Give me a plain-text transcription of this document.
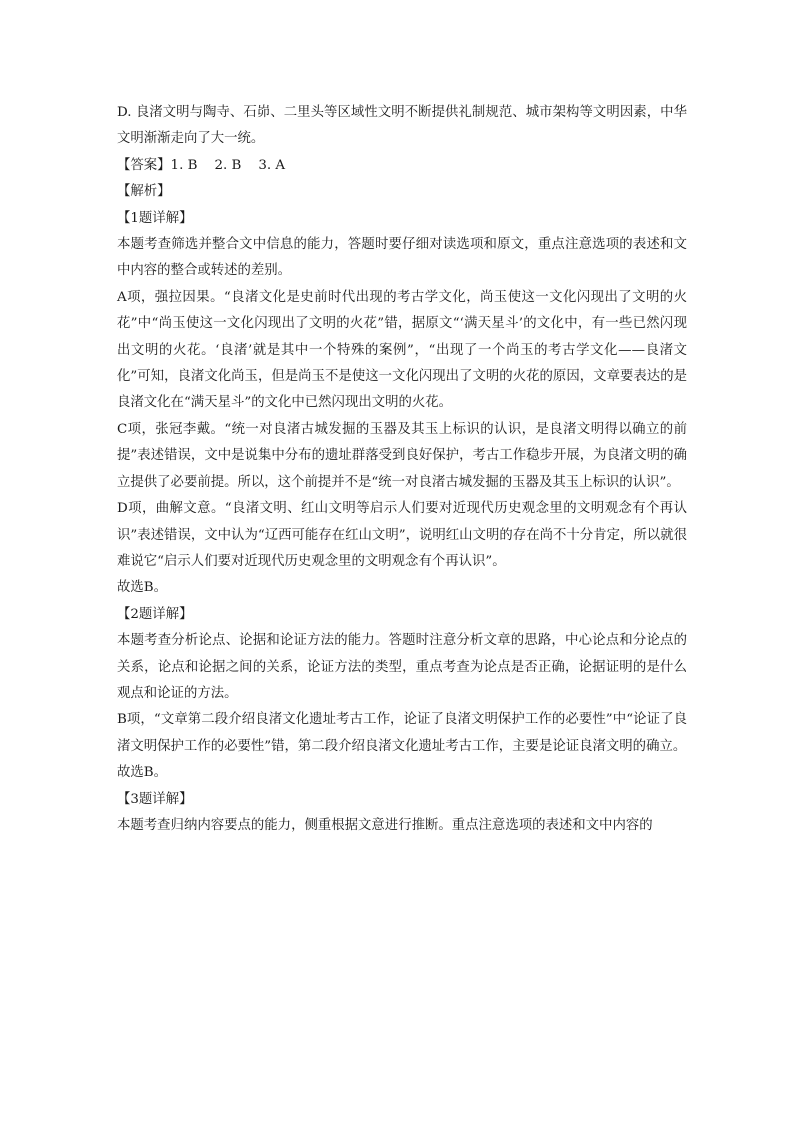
D. 良渚文明与陶寺、石峁、二里头等区域性文明不断提供礼制规范、城市架构等文明因素，中华文明渐渐走向了大一统。

【答案】1. B    2. B    3. A

【解析】

【1题详解】

本题考查筛选并整合文中信息的能力，答题时要仔细对读选项和原文，重点注意选项的表述和文中内容的整合或转述的差别。

A项，强拉因果。“良渚文化是史前时代出现的考古学文化，尚玉使这一文化闪现出了文明的火花”中“尚玉使这一文化闪现出了文明的火花”错，据原文“‘满天星斗’的文化中，有一些已然闪现出文明的火花。‘良渚’就是其中一个特殊的案例”，“出现了一个尚玉的考古学文化——良渚文化”可知，良渚文化尚玉，但是尚玉不是使这一文化闪现出了文明的火花的原因，文章要表达的是良渚文化在“满天星斗”的文化中已然闪现出文明的火花。

C项，张冠李戴。“统一对良渚古城发掘的玉器及其玉上标识的认识，是良渚文明得以确立的前提”表述错误，文中是说集中分布的遗址群落受到良好保护，考古工作稳步开展，为良渚文明的确立提供了必要前提。所以，这个前提并不是“统一对良渚古城发掘的玉器及其玉上标识的认识”。

D项，曲解文意。“良渚文明、红山文明等启示人们要对近现代历史观念里的文明观念有个再认识”表述错误，文中认为“辽西可能存在红山文明”，说明红山文明的存在尚不十分肯定，所以就很难说它“启示人们要对近现代历史观念里的文明观念有个再认识”。

故选B。

【2题详解】

本题考查分析论点、论据和论证方法的能力。答题时注意分析文章的思路，中心论点和分论点的关系，论点和论据之间的关系，论证方法的类型，重点考查为论点是否正确，论据证明的是什么观点和论证的方法。

B项，“文章第二段介绍良渚文化遗址考古工作，论证了良渚文明保护工作的必要性”中“论证了良渚文明保护工作的必要性”错，第二段介绍良渚文化遗址考古工作，主要是论证良渚文明的确立。

故选B。

【3题详解】

本题考查归纳内容要点的能力，侧重根据文意进行推断。重点注意选项的表述和文中内容的
